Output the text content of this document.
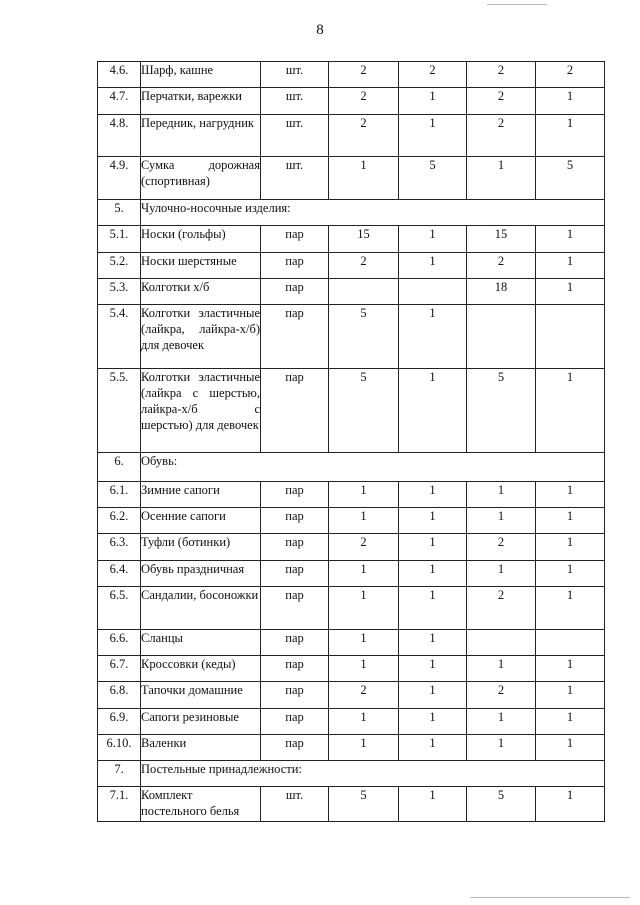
8
4.6.	Шарф, кашне	шт.	2	2	2	2
4.7.	Перчатки, варежки	шт.	2	1	2	1
4.8.	Передник, нагрудник	шт.	2	1	2	1
4.9.	Сумка дорожная (спортивная)	шт.	1	5	1	5
5.	Чулочно-носочные изделия:					
5.1.	Носки (гольфы)	пар	15	1	15	1
5.2.	Носки шерстяные	пар	2	1	2	1
5.3.	Колготки х/б	пар			18	1
5.4.	Колготки эластичные (лайкра, лайкра-х/б) для девочек	пар	5	1		
5.5.	Колготки эластичные (лайкра с шерстью, лайкра-х/б с шерстью) для девочек	пар	5	1	5	1
6.	Обувь:					
6.1.	Зимние сапоги	пар	1	1	1	1
6.2.	Осенние сапоги	пар	1	1	1	1
6.3.	Туфли (ботинки)	пар	2	1	2	1
6.4.	Обувь праздничная	пар	1	1	1	1
6.5.	Сандалии, босоножки	пар	1	1	2	1
6.6.	Сланцы	пар	1	1		
6.7.	Кроссовки (кеды)	пар	1	1	1	1
6.8.	Тапочки домашние	пар	2	1	2	1
6.9.	Сапоги резиновые	пар	1	1	1	1
6.10.	Валенки	пар	1	1	1	1
7.	Постельные принадлежности:					
7.1.	Комплект постельного белья	шт.	5	1	5	1
